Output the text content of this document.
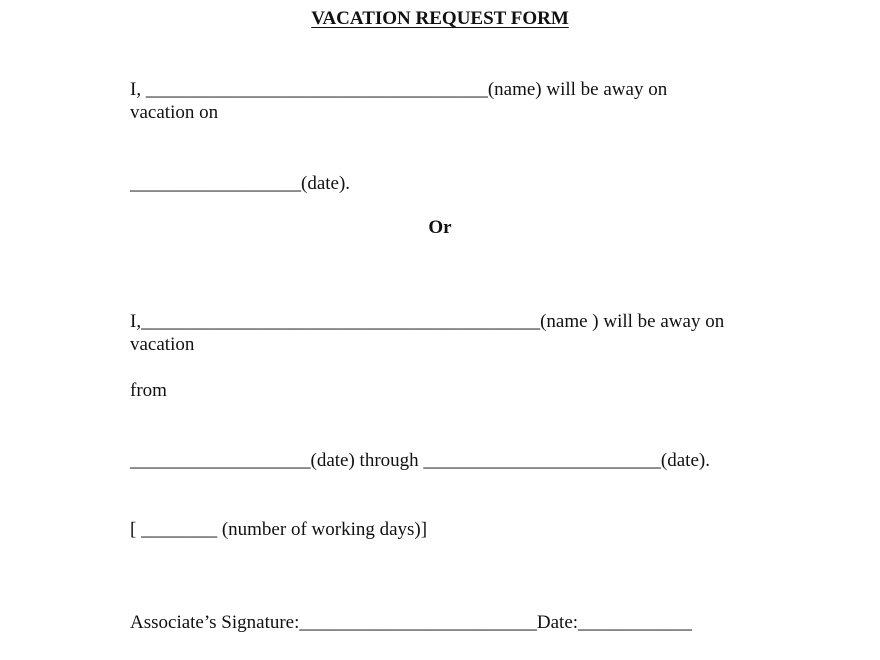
VACATION REQUEST FORM
I, ____________________________________(name) will be away on
vacation on
__________________(date).
Or
I,__________________________________________(name ) will be away on
vacation
from
___________________(date) through _________________________(date).
[ ________ (number of working days)]
Associate’s Signature:_________________________Date:____________
